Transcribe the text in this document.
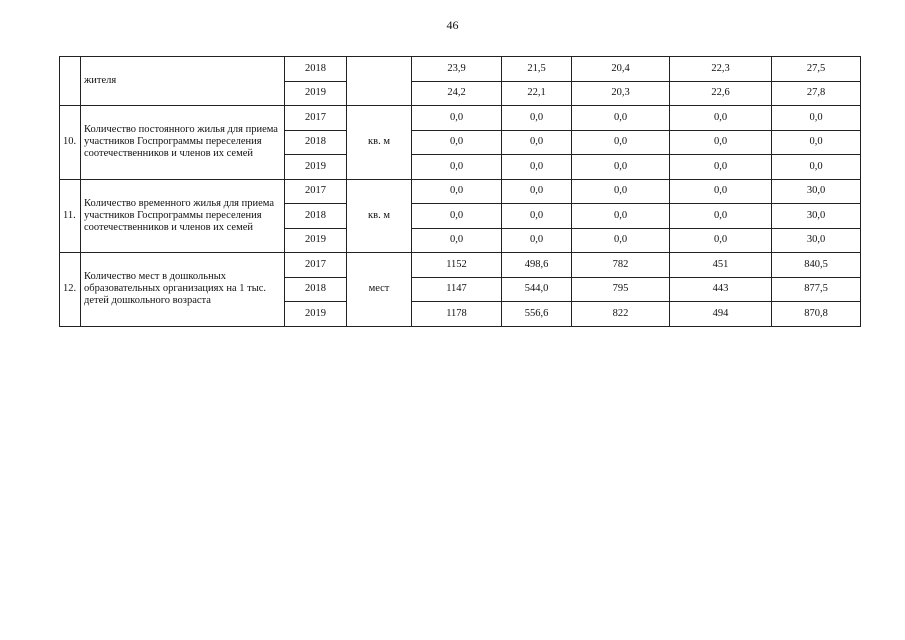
46
	жителя	2018		23,9	21,5	20,4	22,3	27,5
		2019		24,2	22,1	20,3	22,6	27,8
10.	Количество постоянного жилья для приема участников Госпрограммы переселения соотечественников и членов их семей	2017	кв. м	0,0	0,0	0,0	0,0	0,0
		2018		0,0	0,0	0,0	0,0	0,0
		2019		0,0	0,0	0,0	0,0	0,0
11.	Количество временного жилья для приема участников Госпрограммы переселения соотечественников и членов их семей	2017	кв. м	0,0	0,0	0,0	0,0	30,0
		2018		0,0	0,0	0,0	0,0	30,0
		2019		0,0	0,0	0,0	0,0	30,0
12.	Количество мест в дошкольных образовательных организациях на 1 тыс. детей дошкольного возраста	2017	мест	1152	498,6	782	451	840,5
		2018		1147	544,0	795	443	877,5
		2019		1178	556,6	822	494	870,8
